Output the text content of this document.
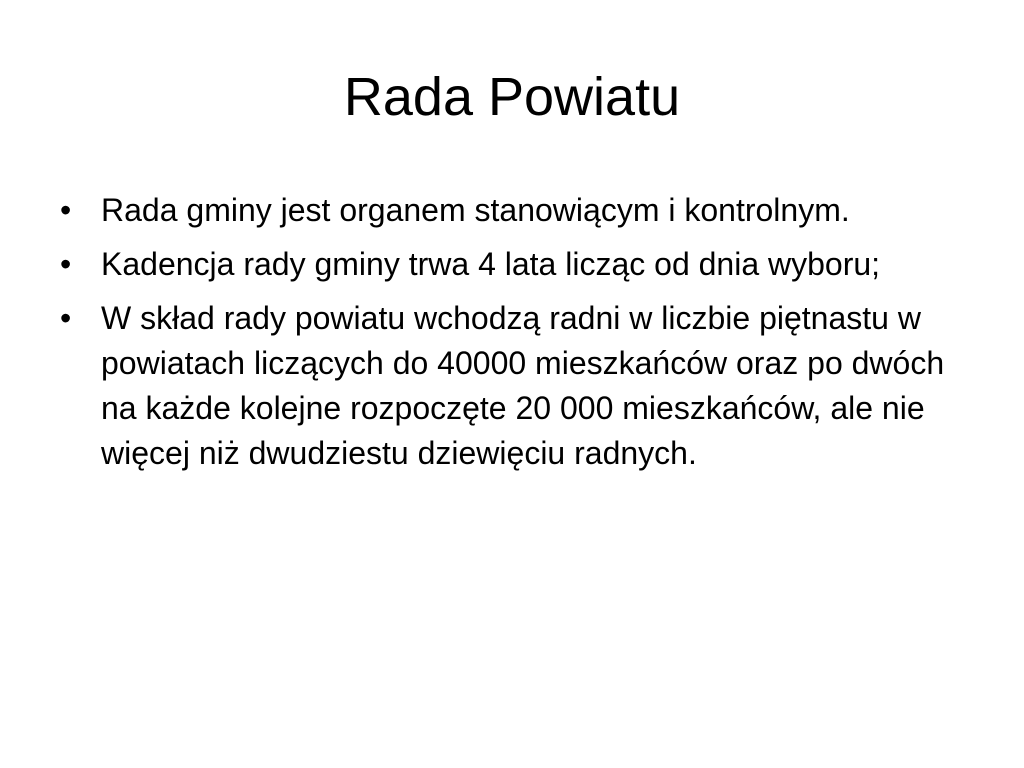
Rada Powiatu
• Rada gminy jest organem stanowiącym i kontrolnym.
• Kadencja rady gminy trwa 4 lata licząc od dnia wyboru;
• W skład rady powiatu wchodzą radni w liczbie piętnastu w powiatach liczących do 40000 mieszkańców oraz po dwóch na każde kolejne rozpoczęte 20 000 mieszkańców, ale nie więcej niż dwudziestu dziewięciu radnych.
